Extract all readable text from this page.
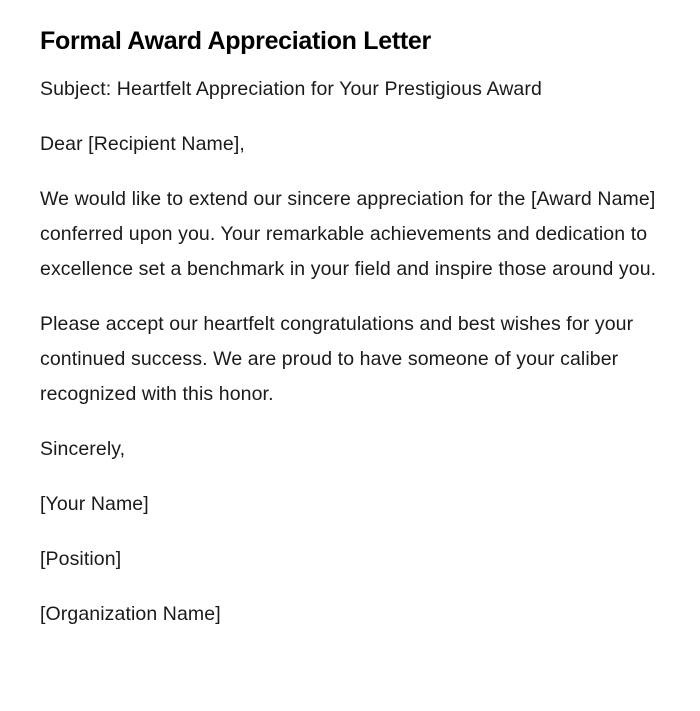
Formal Award Appreciation Letter

Subject: Heartfelt Appreciation for Your Prestigious Award

Dear [Recipient Name],

We would like to extend our sincere appreciation for the [Award Name] conferred upon you. Your remarkable achievements and dedication to excellence set a benchmark in your field and inspire those around you.

Please accept our heartfelt congratulations and best wishes for your continued success. We are proud to have someone of your caliber recognized with this honor.

Sincerely,

[Your Name]

[Position]

[Organization Name]
